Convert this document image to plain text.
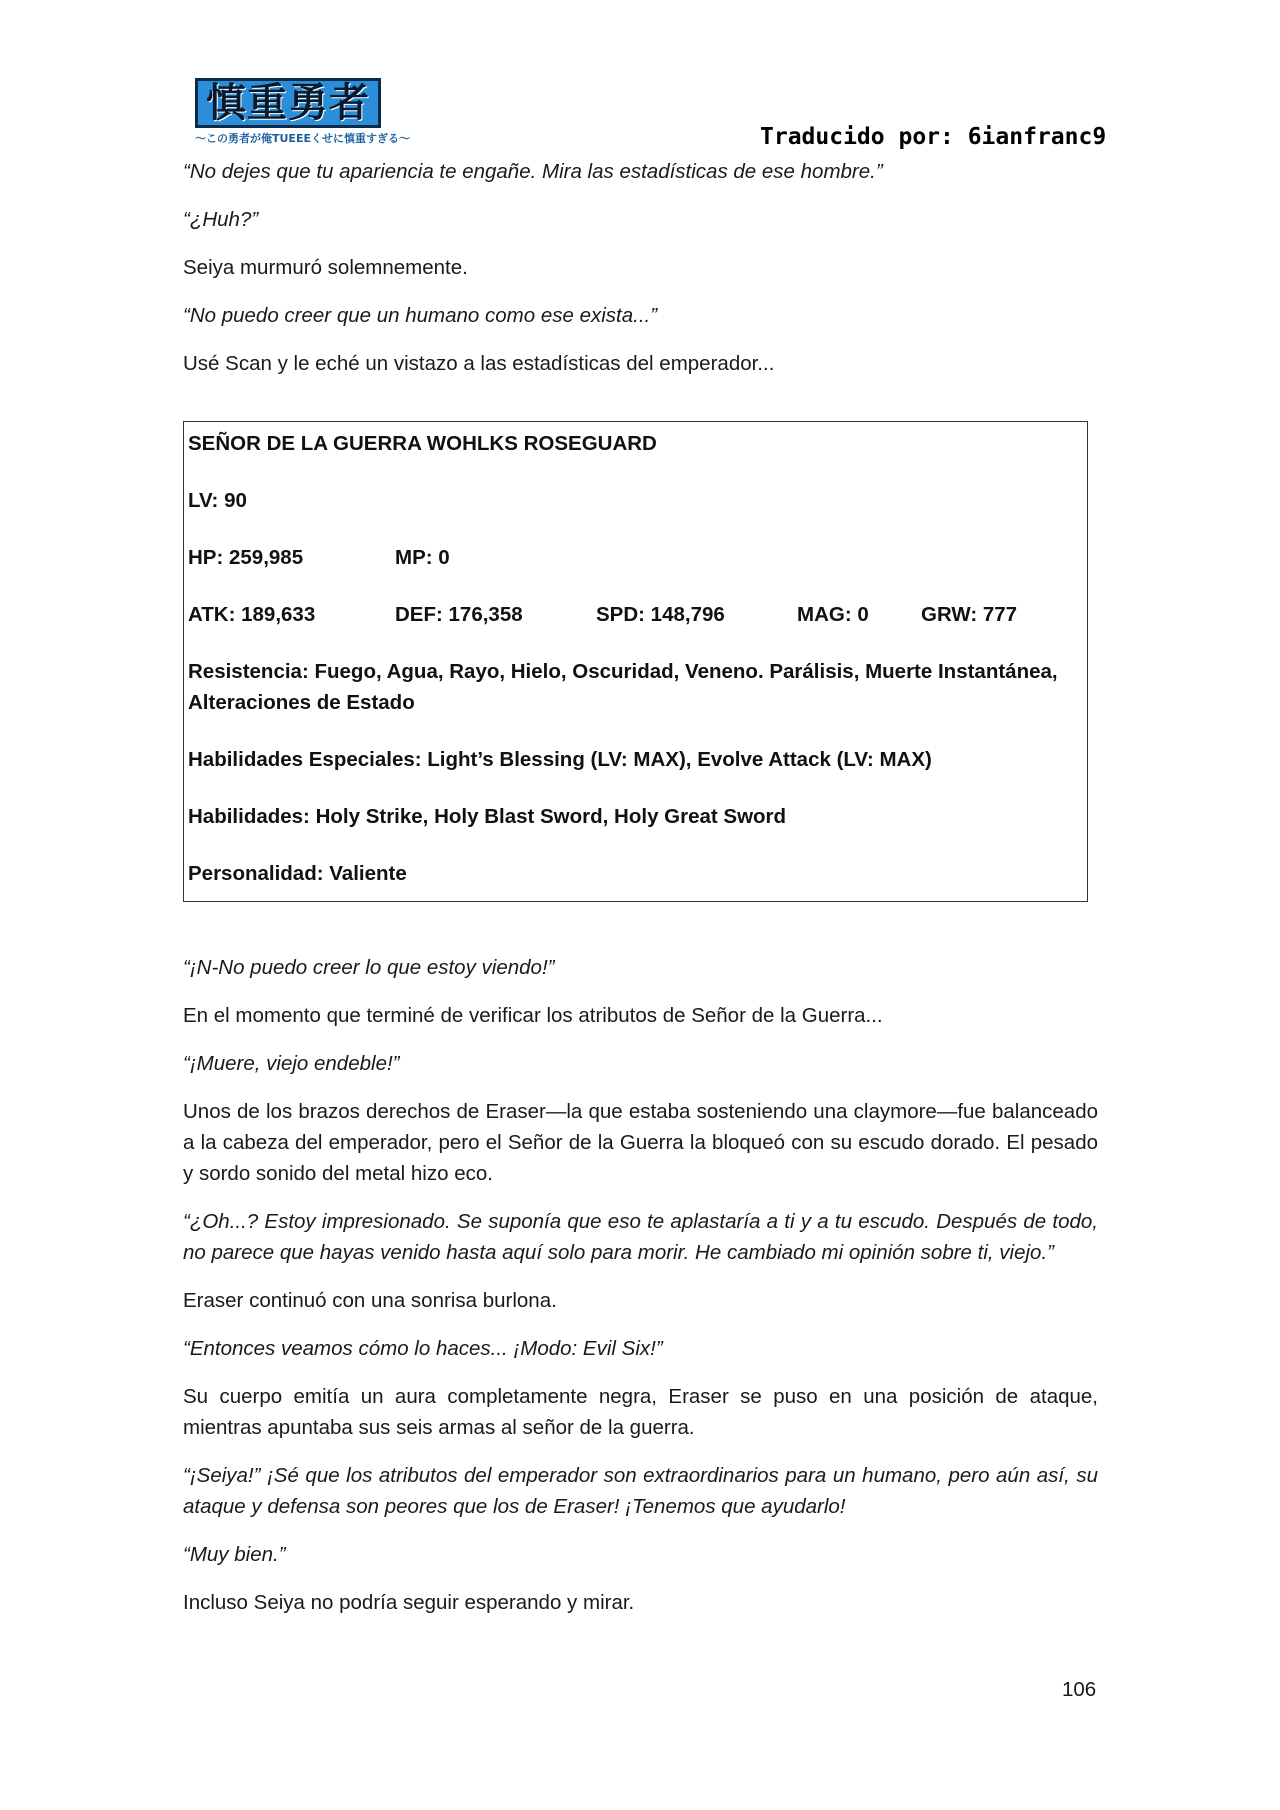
慎重勇者
〜この勇者が俺TUEEEくせに慎重すぎる〜	Traducido por: 6ianfranc9

“No dejes que tu apariencia te engañe. Mira las estadísticas de ese hombre.”

“¿Huh?”

Seiya murmuró solemnemente.

“No puedo creer que un humano como ese exista...”

Usé Scan y le eché un vistazo a las estadísticas del emperador...

SEÑOR DE LA GUERRA WOHLKS ROSEGUARD
LV: 90
HP: 259,985	MP: 0
ATK: 189,633	DEF: 176,358	SPD: 148,796	MAG: 0	GRW: 777
Resistencia: Fuego, Agua, Rayo, Hielo, Oscuridad, Veneno. Parálisis, Muerte Instantánea, Alteraciones de Estado
Habilidades Especiales: Light’s Blessing (LV: MAX), Evolve Attack (LV: MAX)
Habilidades: Holy Strike, Holy Blast Sword, Holy Great Sword
Personalidad: Valiente

“¡N-No puedo creer lo que estoy viendo!”

En el momento que terminé de verificar los atributos de Señor de la Guerra...

“¡Muere, viejo endeble!”

Unos de los brazos derechos de Eraser—la que estaba sosteniendo una claymore—fue balanceado a la cabeza del emperador, pero el Señor de la Guerra la bloqueó con su escudo dorado. El pesado y sordo sonido del metal hizo eco.

“¿Oh...? Estoy impresionado. Se suponía que eso te aplastaría a ti y a tu escudo. Después de todo, no parece que hayas venido hasta aquí solo para morir. He cambiado mi opinión sobre ti, viejo.”

Eraser continuó con una sonrisa burlona.

“Entonces veamos cómo lo haces... ¡Modo: Evil Six!”

Su cuerpo emitía un aura completamente negra, Eraser se puso en una posición de ataque, mientras apuntaba sus seis armas al señor de la guerra.

“¡Seiya!” ¡Sé que los atributos del emperador son extraordinarios para un humano, pero aún así, su ataque y defensa son peores que los de Eraser! ¡Tenemos que ayudarlo!

“Muy bien.”

Incluso Seiya no podría seguir esperando y mirar.

106
